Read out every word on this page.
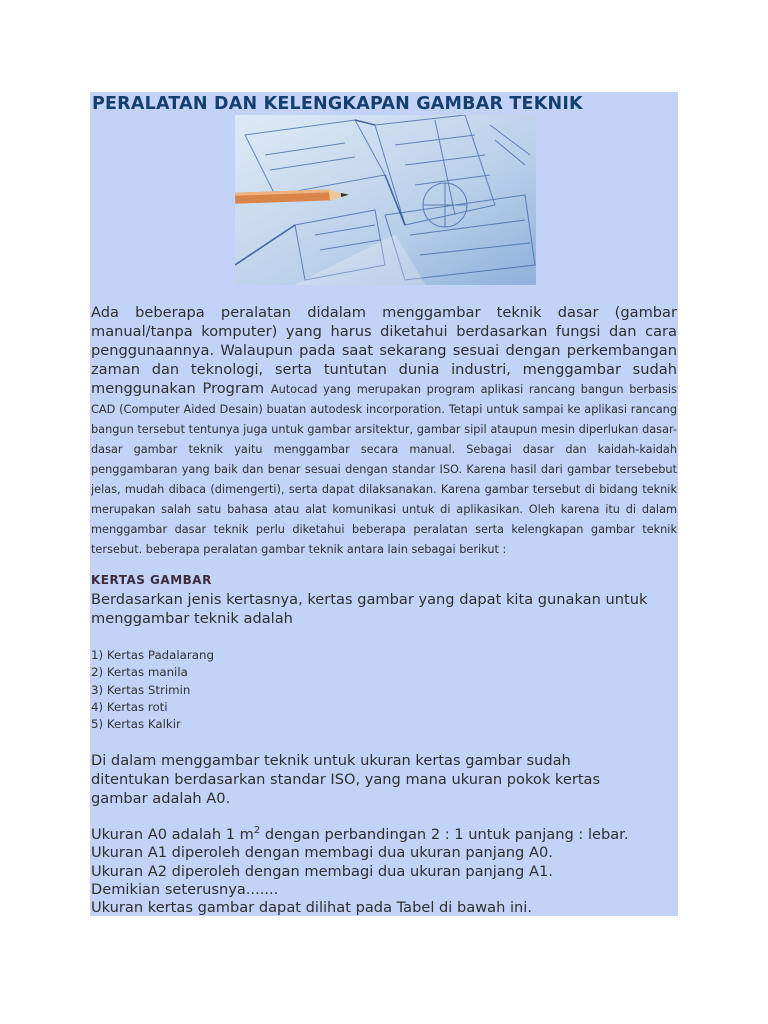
PERALATAN DAN KELENGKAPAN GAMBAR TEKNIK
Ada beberapa peralatan didalam menggambar teknik dasar (gambar manual/tanpa komputer) yang harus diketahui berdasarkan fungsi dan cara penggunaannya. Walaupun pada saat sekarang sesuai dengan perkembangan zaman dan teknologi, serta tuntutan dunia industri, menggambar sudah menggunakan Program Autocad yang merupakan program aplikasi rancang bangun berbasis CAD (Computer Aided Desain) buatan autodesk incorporation. Tetapi untuk sampai ke aplikasi rancang bangun tersebut tentunya juga untuk gambar arsitektur, gambar sipil ataupun mesin diperlukan dasar-dasar gambar teknik yaitu menggambar secara manual. Sebagai dasar dan kaidah-kaidah penggambaran yang baik dan benar sesuai dengan standar ISO. Karena hasil dari gambar tersebebut jelas, mudah dibaca (dimengerti), serta dapat dilaksanakan. Karena gambar tersebut di bidang teknik merupakan salah satu bahasa atau alat komunikasi untuk di aplikasikan. Oleh karena itu di dalam menggambar dasar teknik perlu diketahui beberapa peralatan serta kelengkapan gambar teknik tersebut. beberapa peralatan gambar teknik antara lain sebagai berikut :
KERTAS GAMBAR
Berdasarkan jenis kertasnya, kertas gambar yang dapat kita gunakan untuk menggambar teknik adalah
1) Kertas Padalarang
2) Kertas manila
3) Kertas Strimin
4) Kertas roti
5) Kertas Kalkir
Di dalam menggambar teknik untuk ukuran kertas gambar sudah
ditentukan berdasarkan standar ISO, yang mana ukuran pokok kertas
gambar adalah A0.
Ukuran A0 adalah 1 $m^2$ dengan perbandingan 2 : 1 untuk panjang : lebar.
Ukuran A1 diperoleh dengan membagi dua ukuran panjang A0.
Ukuran A2 diperoleh dengan membagi dua ukuran panjang A1.
Demikian seterusnya.......
Ukuran kertas gambar dapat dilihat pada Tabel di bawah ini.
